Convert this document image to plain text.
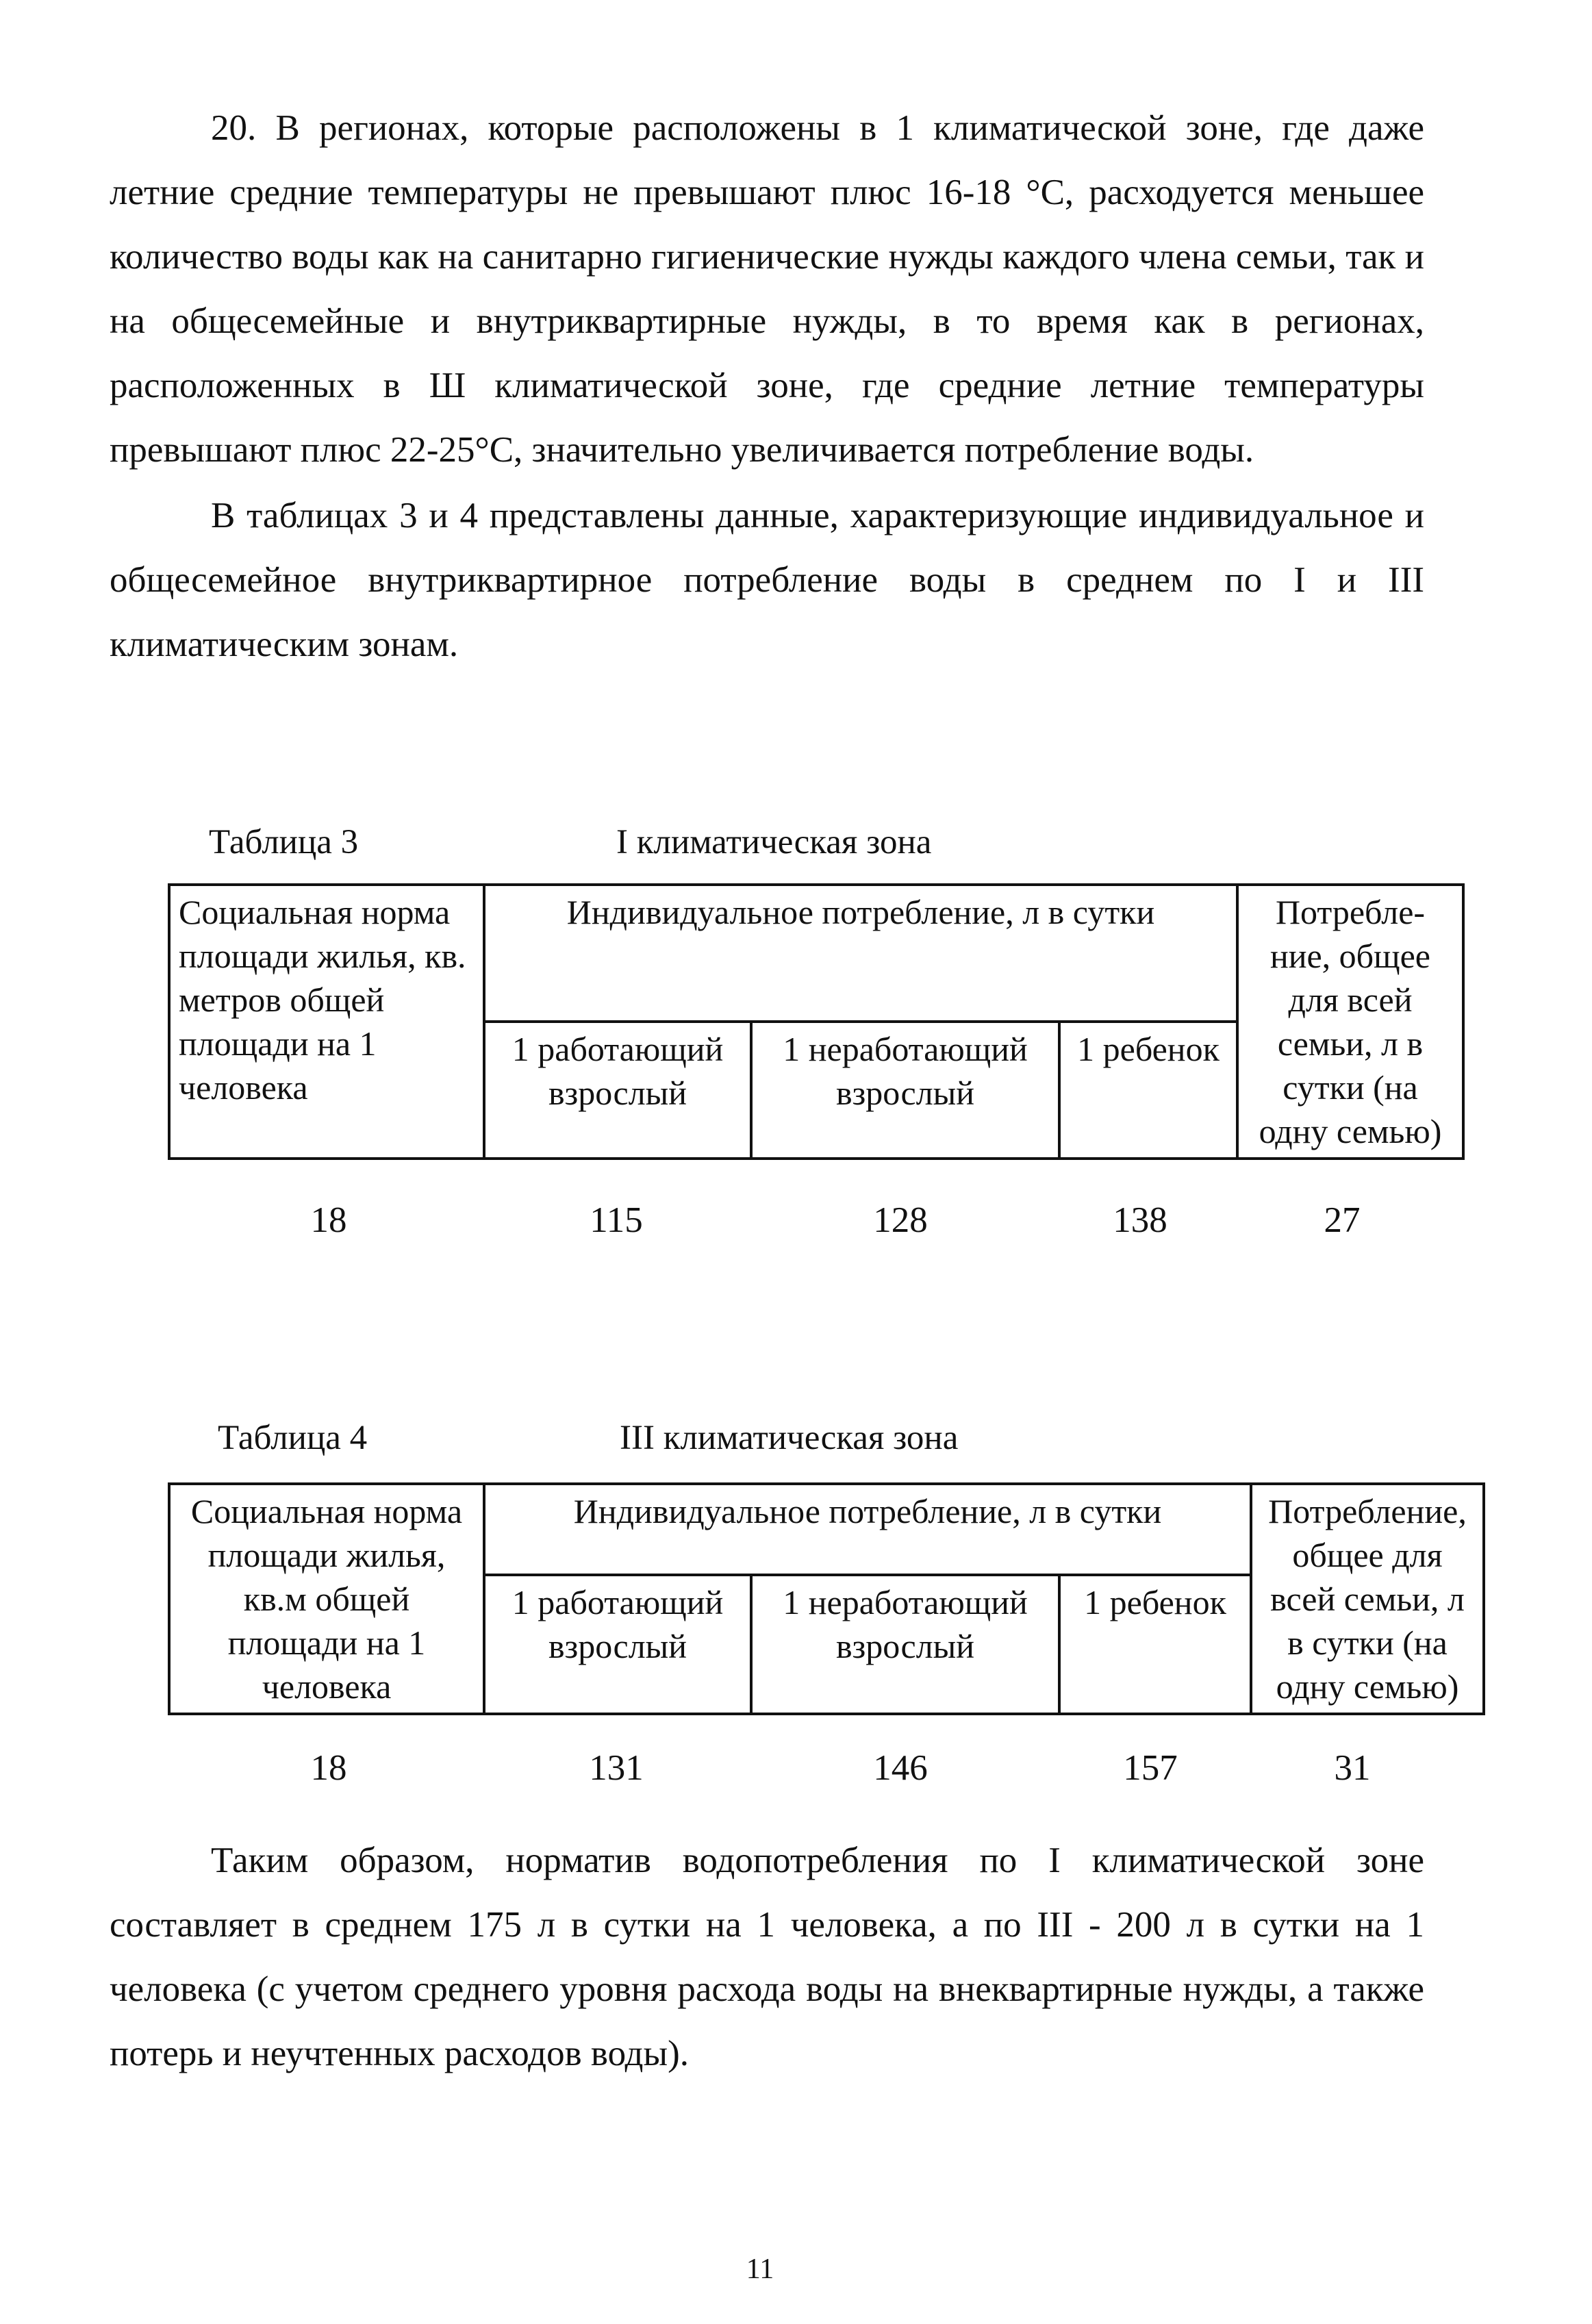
20. В регионах, которые расположены в 1 климатической зоне, где даже летние средние температуры не превышают плюс 16-18 °С, расходуется меньшее количество воды как на санитарно гигиенические нужды каждого члена семьи, так и на общесемейные и внутриквартирные нужды, в то время как в регионах, расположенных в Ш климатической зоне, где средние летние температуры превышают плюс 22-25°С, значительно увеличивается потребление воды.

В таблицах 3 и 4 представлены данные, характеризующие индивидуальное и общесемейное внутриквартирное потребление воды в среднем по I и III климатическим зонам.

Таблица 3	I климатическая зона
Социальная норма площади жилья, кв. метров общей площади на 1 человека	Индивидуальное потребление, л в сутки			Потребле-ние, общее для всей семьи, л в сутки (на одну семью)
	1 работающий взрослый	1 неработающий взрослый	1 ребенок	
18	115	128	138	27
Таблица 4	III климатическая зона
Социальная норма площади жилья, кв.м общей площади на 1 человека	Индивидуальное потребление, л в сутки			Потребление, общее для всей семьи, л в сутки (на одну семью)
	1 работающий взрослый	1 неработающий взрослый	1 ребенок	
18	131	146	157	31

Таким образом, норматив водопотребления по I климатической зоне составляет в среднем 175 л в сутки на 1 человека, а по III - 200 л в сутки на 1 человека (с учетом среднего уровня расхода воды на внеквартирные нужды, а также потерь и неучтенных расходов воды).

11
